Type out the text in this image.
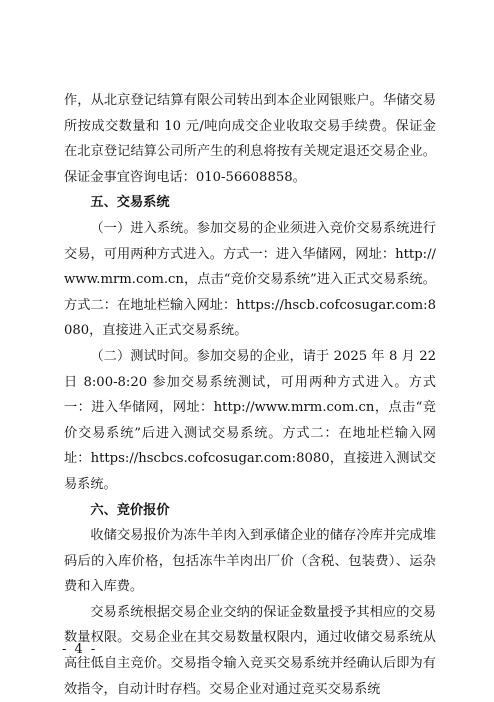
作，从北京登记结算有限公司转出到本企业网银账户。华储交易所按成交数量和 10 元/吨向成交企业收取交易手续费。保证金在北京登记结算公司所产生的利息将按有关规定退还交易企业。保证金事宜咨询电话：010-56608858。

五、交易系统

（一）进入系统。参加交易的企业须进入竞价交易系统进行交易，可用两种方式进入。方式一：进入华储网，网址：http://www.mrm.com.cn，点击“竞价交易系统”进入正式交易系统。方式二：在地址栏输入网址：https://hscb.cofcosugar.com:8080，直接进入正式交易系统。

（二）测试时间。参加交易的企业，请于 2025 年 8 月 22 日 8:00-8:20 参加交易系统测试，可用两种方式进入。方式一：进入华储网，网址：http://www.mrm.com.cn，点击“竞价交易系统”后进入测试交易系统。方式二：在地址栏输入网址：https://hscbcs.cofcosugar.com:8080，直接进入测试交易系统。

六、竞价报价

收储交易报价为冻牛羊肉入到承储企业的储存冷库并完成堆码后的入库价格，包括冻牛羊肉出厂价（含税、包装费）、运杂费和入库费。

交易系统根据交易企业交纳的保证金数量授予其相应的交易数量权限。交易企业在其交易数量权限内，通过收储交易系统从高往低自主竞价。交易指令输入竞买交易系统并经确认后即为有效指令，自动计时存档。交易企业对通过竞买交易系统

- 4 -
